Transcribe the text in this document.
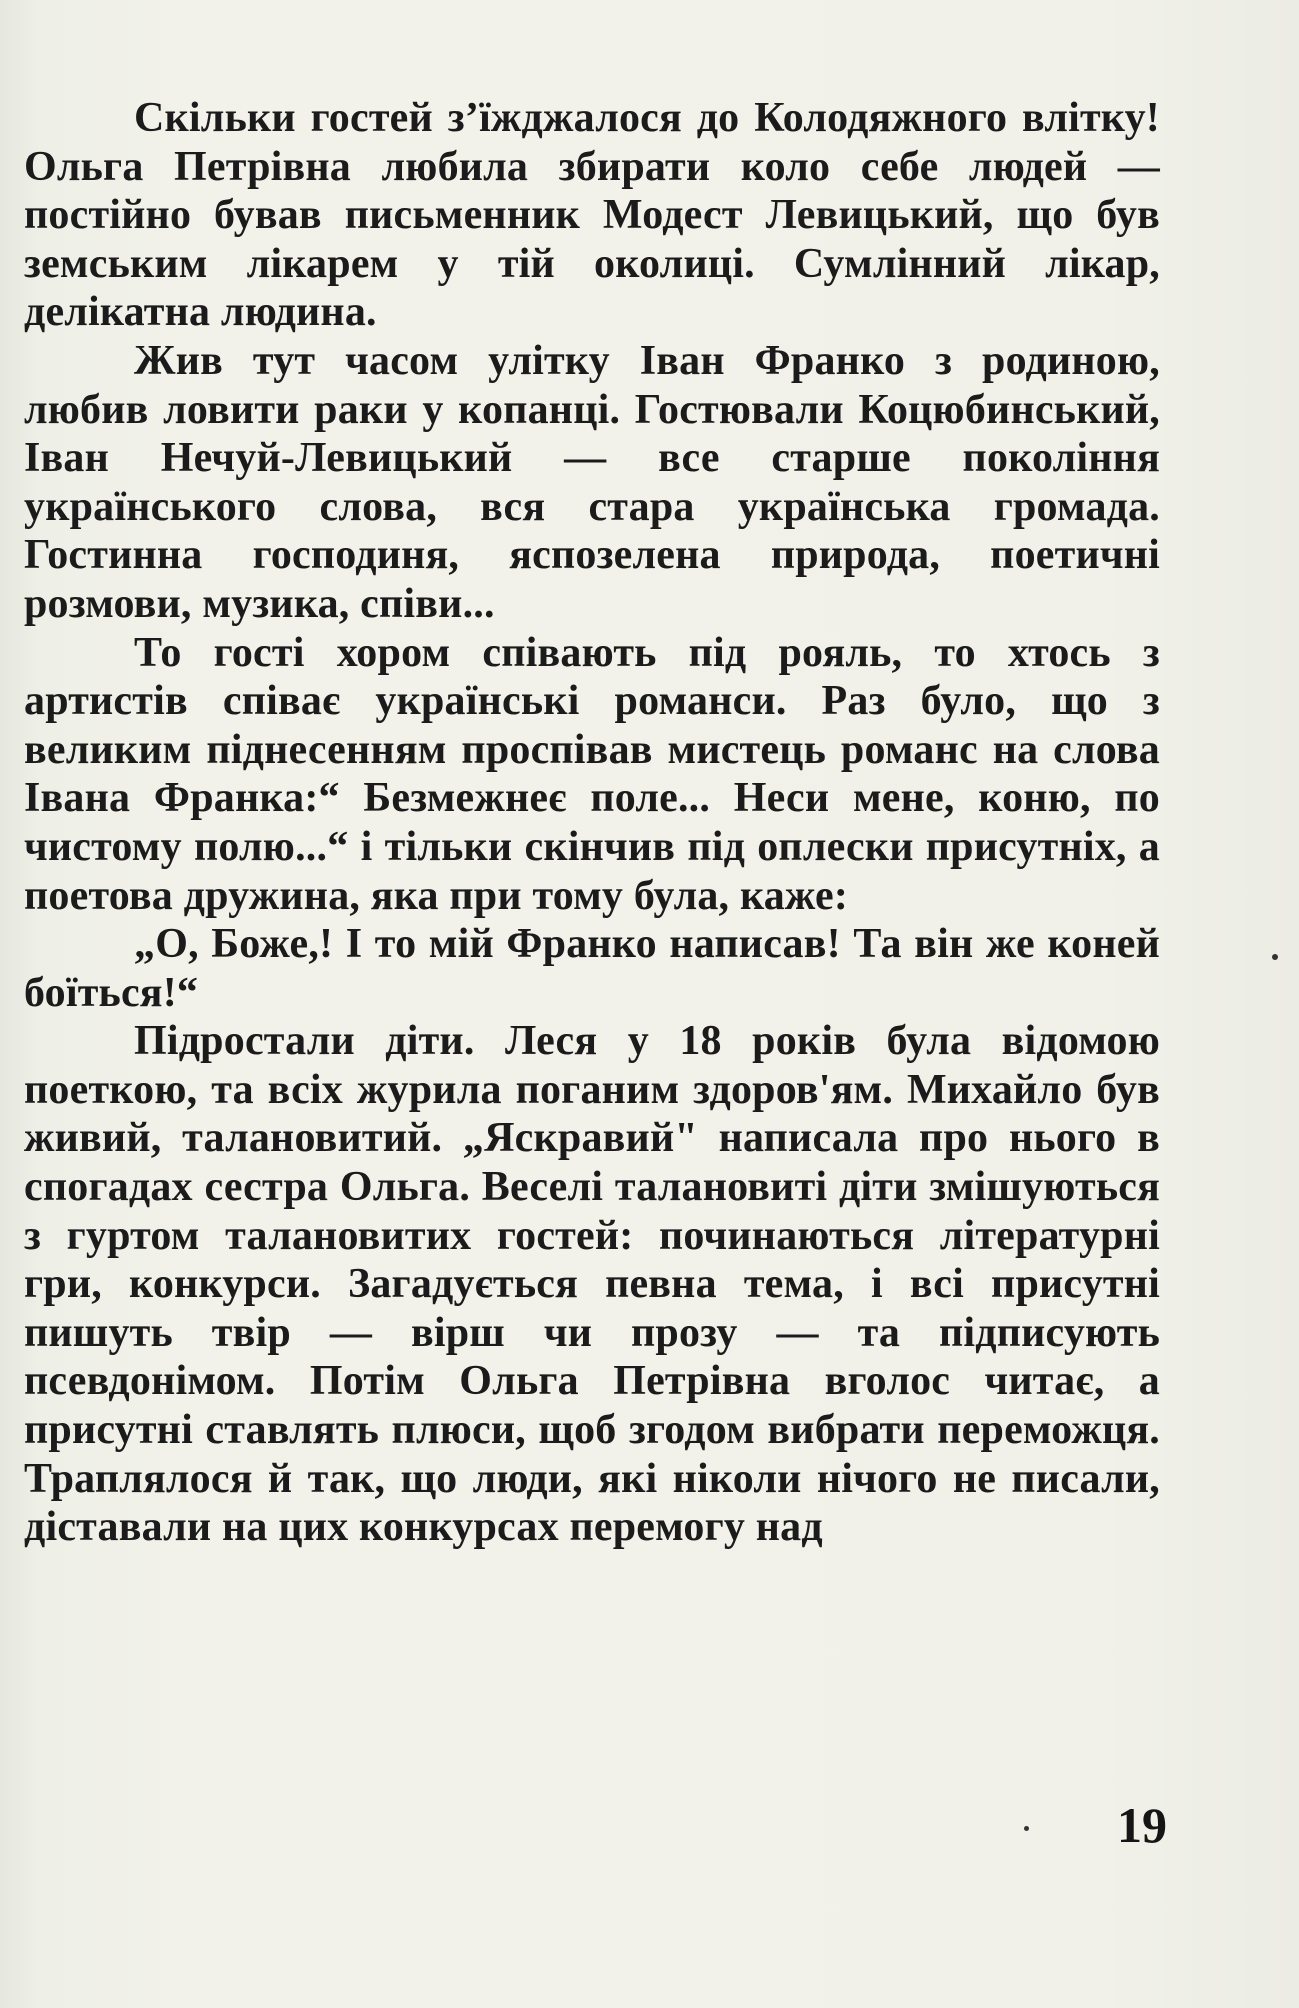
Скільки гостей з’їжджалося до Колодяжного влітку! Ольга Петрівна любила збирати коло себе людей — постійно бував письменник Модест Левицький, що був земським лікарем у тій околиці. Сумлінний лікар, делікатна людина.

Жив тут часом улітку Іван Франко з родиною, любив ловити раки у копанці. Гостювали Коцюбинський, Іван Нечуй-Левицький — все старше покоління українського слова, вся стара українська громада. Гостинна господиня, яспозелена природа, поетичні розмови, музика, співи...

То гості хором співають під рояль, то хтось з артистів співає українські романси. Раз було, що з великим піднесенням проспівав мистець романс на слова Івана Франка:“ Безмежнеє поле... Неси мене, коню, по чистому полю...“ і тільки скінчив під оплески присутніх, а поетова дружина, яка при тому була, каже:

„О, Боже,! І то мій Франко написав! Та він же коней боїться!“

Підростали діти. Леся у 18 років була відомою поеткою, та всіх журила поганим здоров'ям. Михайло був живий, талановитий. „Яскравий" написала про нього в спогадах сестра Ольга. Веселі талановиті діти змішуються з гуртом талановитих гостей: починаються літературні гри, конкурси. Загадується певна тема, і всі присутні пишуть твір — вірш чи прозу — та підписують псевдонімом. Потім Ольга Петрівна вголос читає, а присутні ставлять плюси, щоб згодом вибрати переможця. Траплялося й так, що люди, які ніколи нічого не писали, діставали на цих конкурсах перемогу над

19
